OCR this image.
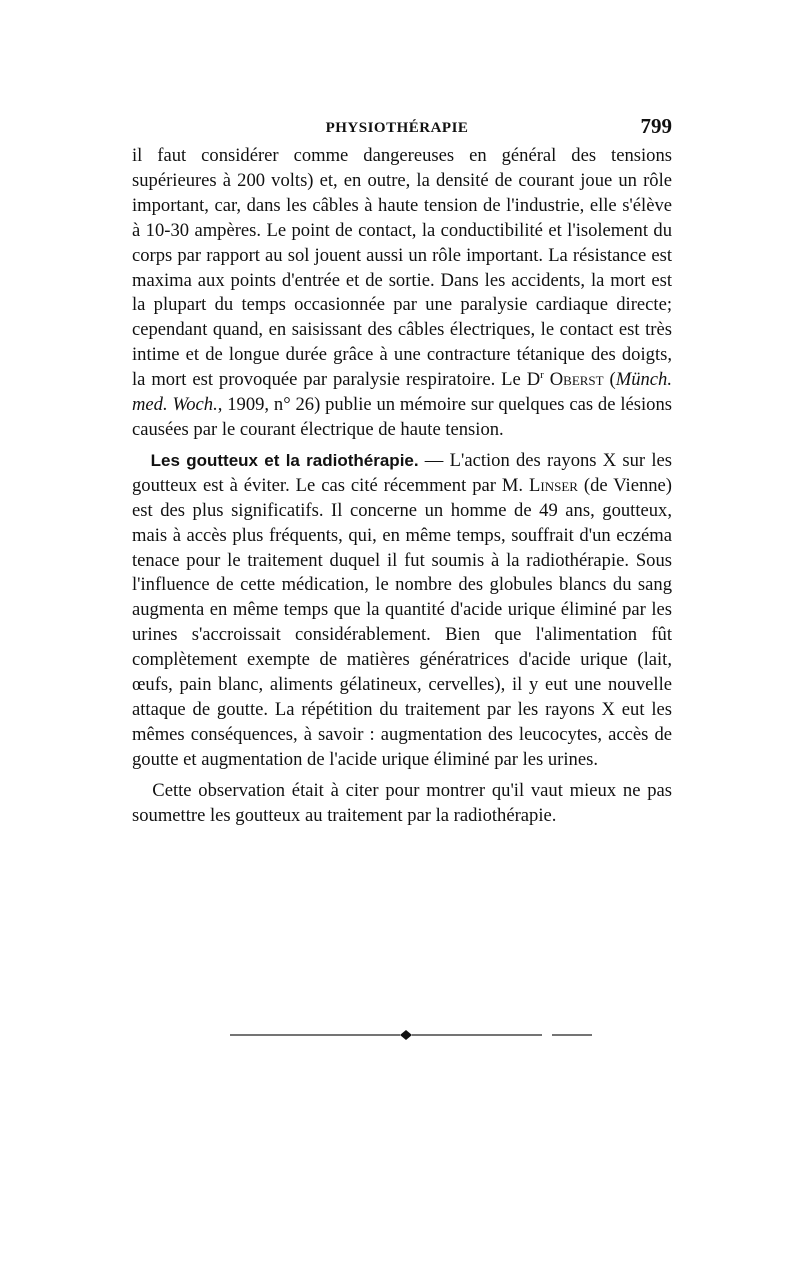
PHYSIOTHÉRAPIE	799

il faut considérer comme dangereuses en général des tensions supérieures à 200 volts) et, en outre, la densité de courant joue un rôle important, car, dans les câbles à haute tension de l'industrie, elle s'élève à 10-30 ampères. Le point de contact, la conductibilité et l'isolement du corps par rapport au sol jouent aussi un rôle important. La résistance est maxima aux points d'entrée et de sortie. Dans les accidents, la mort est la plupart du temps occasionnée par une paralysie cardiaque directe; cependant quand, en saisissant des câbles électriques, le contact est très intime et de longue durée grâce à une contracture tétanique des doigts, la mort est provoquée par paralysie respiratoire. Le $D^r$ Oberst (Münch. med. Woch., 1909, n° 26) publie un mémoire sur quelques cas de lésions causées par le courant électrique de haute tension.

Les goutteux et la radiothérapie. — L'action des rayons X sur les goutteux est à éviter. Le cas cité récemment par M. Linser (de Vienne) est des plus significatifs. Il concerne un homme de 49 ans, goutteux, mais à accès plus fréquents, qui, en même temps, souffrait d'un eczéma tenace pour le traitement duquel il fut soumis à la radiothérapie. Sous l'influence de cette médication, le nombre des globules blancs du sang augmenta en même temps que la quantité d'acide urique éliminé par les urines s'accroissait considérablement. Bien que l'alimentation fût complètement exempte de matières génératrices d'acide urique (lait, œufs, pain blanc, aliments gélatineux, cervelles), il y eut une nouvelle attaque de goutte. La répétition du traitement par les rayons X eut les mêmes conséquences, à savoir : augmentation des leucocytes, accès de goutte et augmentation de l'acide urique éliminé par les urines.

Cette observation était à citer pour montrer qu'il vaut mieux ne pas soumettre les goutteux au traitement par la radiothérapie.
